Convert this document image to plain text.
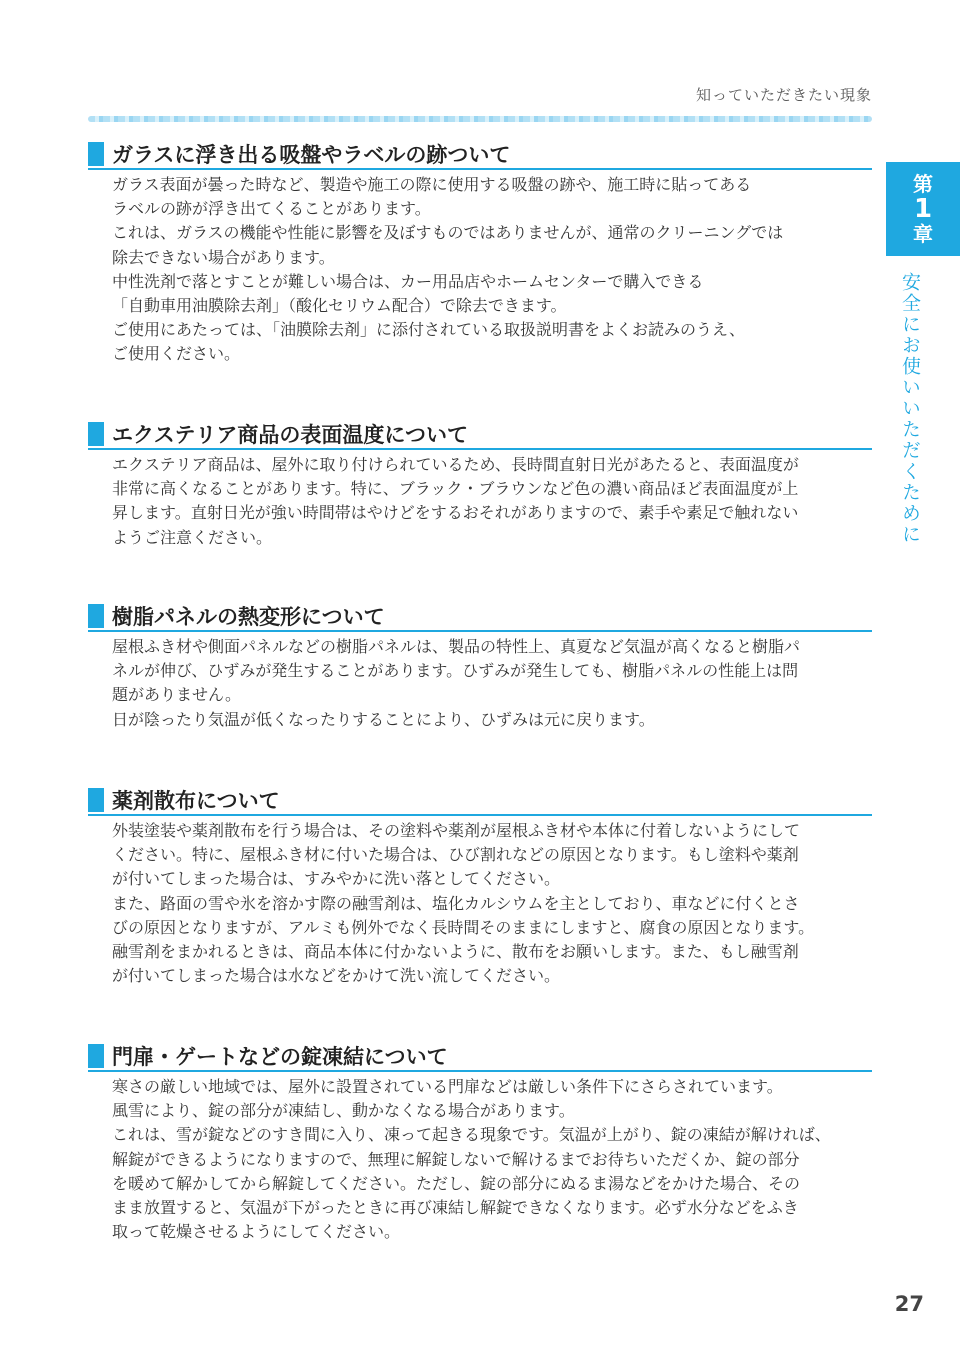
知っていただきたい現象
第
1
章
安全にお使いいただくために
ガラスに浮き出る吸盤やラベルの跡ついて

ガラス表面が曇った時など、製造や施工の際に使用する吸盤の跡や、施工時に貼ってある

ラベルの跡が浮き出てくることがあります。

これは、ガラスの機能や性能に影響を及ぼすものではありませんが、通常のクリーニングでは

除去できない場合があります。

中性洗剤で落とすことが難しい場合は、カー用品店やホームセンターで購入できる

「自動車用油膜除去剤」（酸化セリウム配合）で除去できます。

ご使用にあたっては、「油膜除去剤」に添付されている取扱説明書をよくお読みのうえ、

ご使用ください。

エクステリア商品の表面温度について

エクステリア商品は、屋外に取り付けられているため、長時間直射日光があたると、表面温度が

非常に高くなることがあります。特に、ブラック・ブラウンなど色の濃い商品ほど表面温度が上

昇します。直射日光が強い時間帯はやけどをするおそれがありますので、素手や素足で触れない

ようご注意ください。

樹脂パネルの熱変形について

屋根ふき材や側面パネルなどの樹脂パネルは、製品の特性上、真夏など気温が高くなると樹脂パ

ネルが伸び、ひずみが発生することがあります。ひずみが発生しても、樹脂パネルの性能上は問

題がありません。

日が陰ったり気温が低くなったりすることにより、ひずみは元に戻ります。

薬剤散布について

外装塗装や薬剤散布を行う場合は、その塗料や薬剤が屋根ふき材や本体に付着しないようにして

ください。特に、屋根ふき材に付いた場合は、ひび割れなどの原因となります。もし塗料や薬剤

が付いてしまった場合は、すみやかに洗い落としてください。

また、路面の雪や氷を溶かす際の融雪剤は、塩化カルシウムを主としており、車などに付くとさ

びの原因となりますが、アルミも例外でなく長時間そのままにしますと、腐食の原因となります。

融雪剤をまかれるときは、商品本体に付かないように、散布をお願いします。また、もし融雪剤

が付いてしまった場合は水などをかけて洗い流してください。

門扉・ゲートなどの錠凍結について

寒さの厳しい地域では、屋外に設置されている門扉などは厳しい条件下にさらされています。

風雪により、錠の部分が凍結し、動かなくなる場合があります。

これは、雪が錠などのすき間に入り、凍って起きる現象です。気温が上がり、錠の凍結が解ければ、

解錠ができるようになりますので、無理に解錠しないで解けるまでお待ちいただくか、錠の部分

を暖めて解かしてから解錠してください。ただし、錠の部分にぬるま湯などをかけた場合、その

まま放置すると、気温が下がったときに再び凍結し解錠できなくなります。必ず水分などをふき

取って乾燥させるようにしてください。

27
